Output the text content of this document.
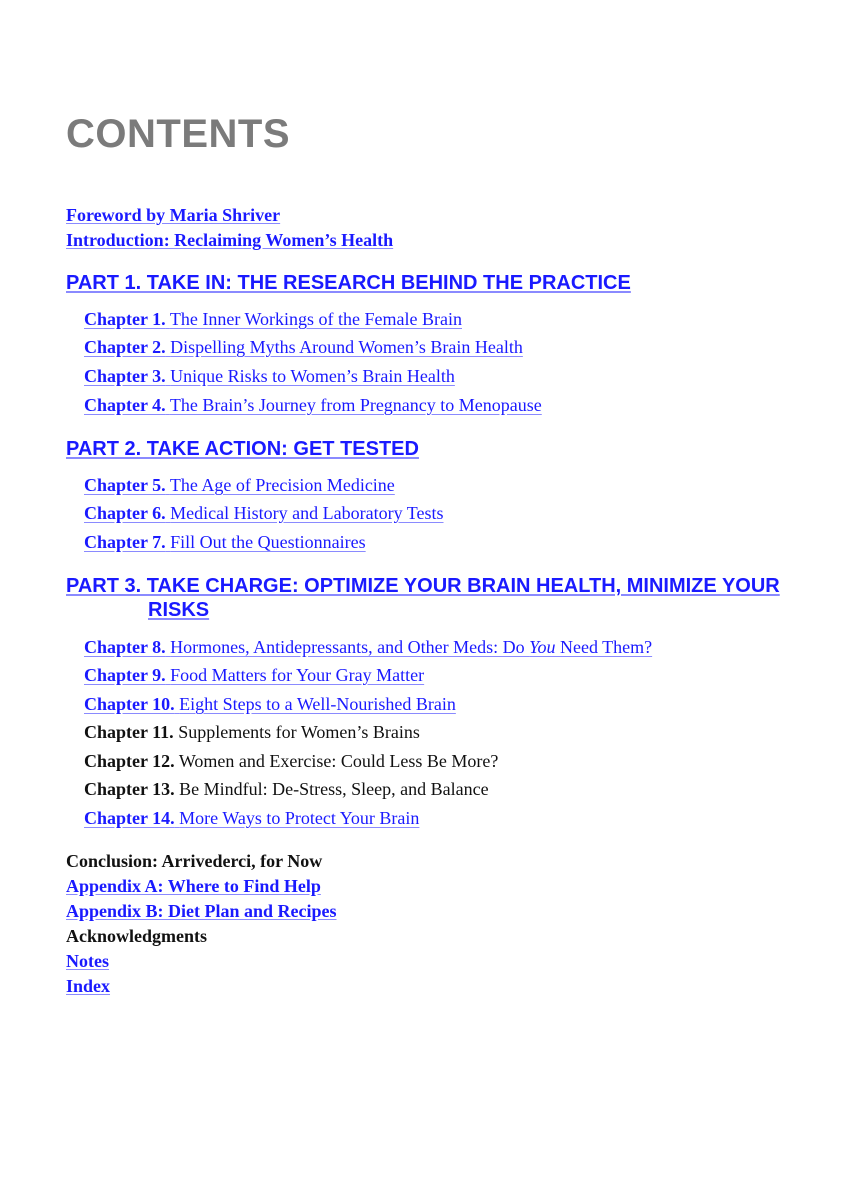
CONTENTS
Foreword by Maria Shriver
Introduction: Reclaiming Women’s Health
PART 1. TAKE IN: THE RESEARCH BEHIND THE PRACTICE
Chapter 1. The Inner Workings of the Female Brain
Chapter 2. Dispelling Myths Around Women’s Brain Health
Chapter 3. Unique Risks to Women’s Brain Health
Chapter 4. The Brain’s Journey from Pregnancy to Menopause
PART 2. TAKE ACTION: GET TESTED
Chapter 5. The Age of Precision Medicine
Chapter 6. Medical History and Laboratory Tests
Chapter 7. Fill Out the Questionnaires
PART 3. TAKE CHARGE: OPTIMIZE YOUR BRAIN HEALTH, MINIMIZE YOUR
RISKS
Chapter 8. Hormones, Antidepressants, and Other Meds: Do You Need Them?
Chapter 9. Food Matters for Your Gray Matter
Chapter 10. Eight Steps to a Well-Nourished Brain
Chapter 11. Supplements for Women’s Brains
Chapter 12. Women and Exercise: Could Less Be More?
Chapter 13. Be Mindful: De-Stress, Sleep, and Balance
Chapter 14. More Ways to Protect Your Brain
Conclusion: Arrivederci, for Now
Appendix A: Where to Find Help
Appendix B: Diet Plan and Recipes
Acknowledgments
Notes
Index
